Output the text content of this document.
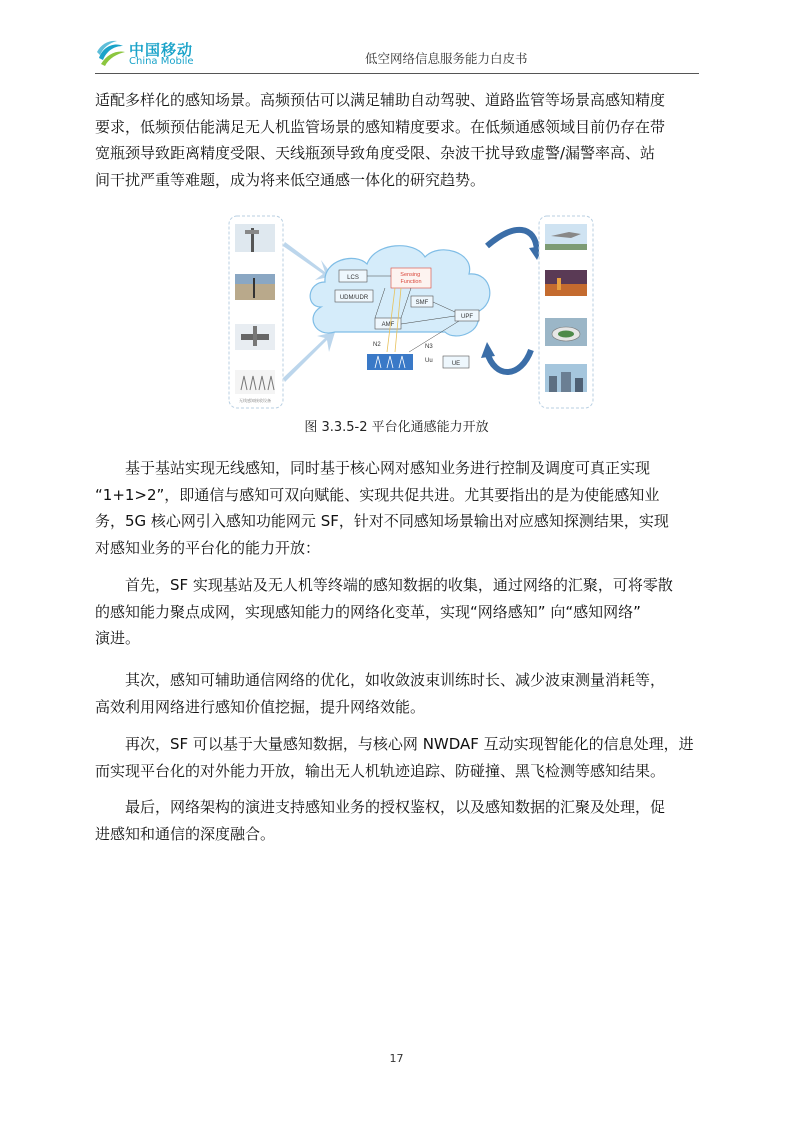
中国移动
China Mobile	低空网络信息服务能力白皮书
适配多样化的感知场景。高频预估可以满足辅助自动驾驶、道路监管等场景高感知精度
要求，低频预估能满足无人机监管场景的感知精度要求。在低频通感领域目前仍存在带
宽瓶颈导致距离精度受限、天线瓶颈导致角度受限、杂波干扰导致虚警/漏警率高、站
间干扰严重等难题，成为将来低空通感一体化的研究趋势。
无线感知接收设备
LCS	Sensing Function
UDM/UDR
SMF
AMF
UPF
N2	N3
Uu	UE
图 3.3.5-2 平台化通感能力开放
　　基于基站实现无线感知，同时基于核心网对感知业务进行控制及调度可真正实现
“1+1>2”，即通信与感知可双向赋能、实现共促共进。尤其要指出的是为使能感知业
务，5G 核心网引入感知功能网元 SF，针对不同感知场景输出对应感知探测结果，实现
对感知业务的平台化的能力开放：
　　首先，SF 实现基站及无人机等终端的感知数据的收集，通过网络的汇聚，可将零散
的感知能力聚点成网，实现感知能力的网络化变革，实现“网络感知” 向“感知网络”
演进。
　　其次，感知可辅助通信网络的优化，如收敛波束训练时长、减少波束测量消耗等，
高效利用网络进行感知价值挖掘，提升网络效能。
　　再次，SF 可以基于大量感知数据，与核心网 NWDAF 互动实现智能化的信息处理，进
而实现平台化的对外能力开放，输出无人机轨迹追踪、防碰撞、黑飞检测等感知结果。
　　最后，网络架构的演进支持感知业务的授权鉴权，以及感知数据的汇聚及处理，促
进感知和通信的深度融合。
17
